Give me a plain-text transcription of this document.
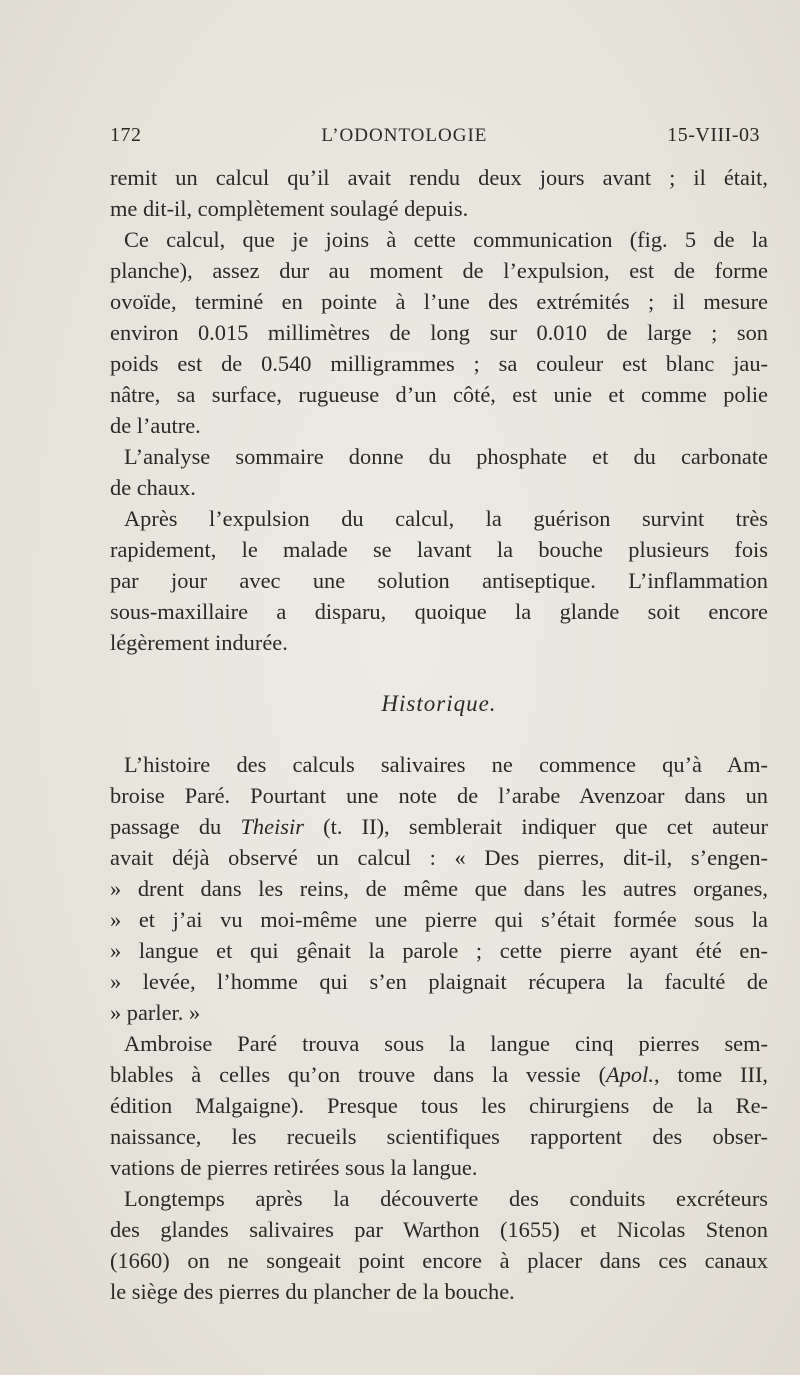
172	L’ODONTOLOGIE	15-VIII-03
remit un calcul qu’il avait rendu deux jours avant ; il était,
me dit-il, complètement soulagé depuis.
Ce calcul, que je joins à cette communication (fig. 5 de la
planche), assez dur au moment de l’expulsion, est de forme
ovoïde, terminé en pointe à l’une des extrémités ; il mesure
environ 0.015 millimètres de long sur 0.010 de large ; son
poids est de 0.540 milligrammes ; sa couleur est blanc jau-
nâtre, sa surface, rugueuse d’un côté, est unie et comme polie
de l’autre.
L’analyse sommaire donne du phosphate et du carbonate
de chaux.
Après l’expulsion du calcul, la guérison survint très
rapidement, le malade se lavant la bouche plusieurs fois
par jour avec une solution antiseptique. L’inflammation
sous-maxillaire a disparu, quoique la glande soit encore
légèrement indurée.
Historique.
L’histoire des calculs salivaires ne commence qu’à Am-
broise Paré. Pourtant une note de l’arabe Avenzoar dans un
passage du Theisir (t. II), semblerait indiquer que cet auteur
avait déjà observé un calcul : « Des pierres, dit-il, s’engen-
» drent dans les reins, de même que dans les autres organes,
» et j’ai vu moi-même une pierre qui s’était formée sous la
» langue et qui gênait la parole ; cette pierre ayant été en-
» levée, l’homme qui s’en plaignait récupera la faculté de
» parler. »
Ambroise Paré trouva sous la langue cinq pierres sem-
blables à celles qu’on trouve dans la vessie (Apol., tome III,
édition Malgaigne). Presque tous les chirurgiens de la Re-
naissance, les recueils scientifiques rapportent des obser-
vations de pierres retirées sous la langue.
Longtemps après la découverte des conduits excréteurs
des glandes salivaires par Warthon (1655) et Nicolas Stenon
(1660) on ne songeait point encore à placer dans ces canaux
le siège des pierres du plancher de la bouche.
